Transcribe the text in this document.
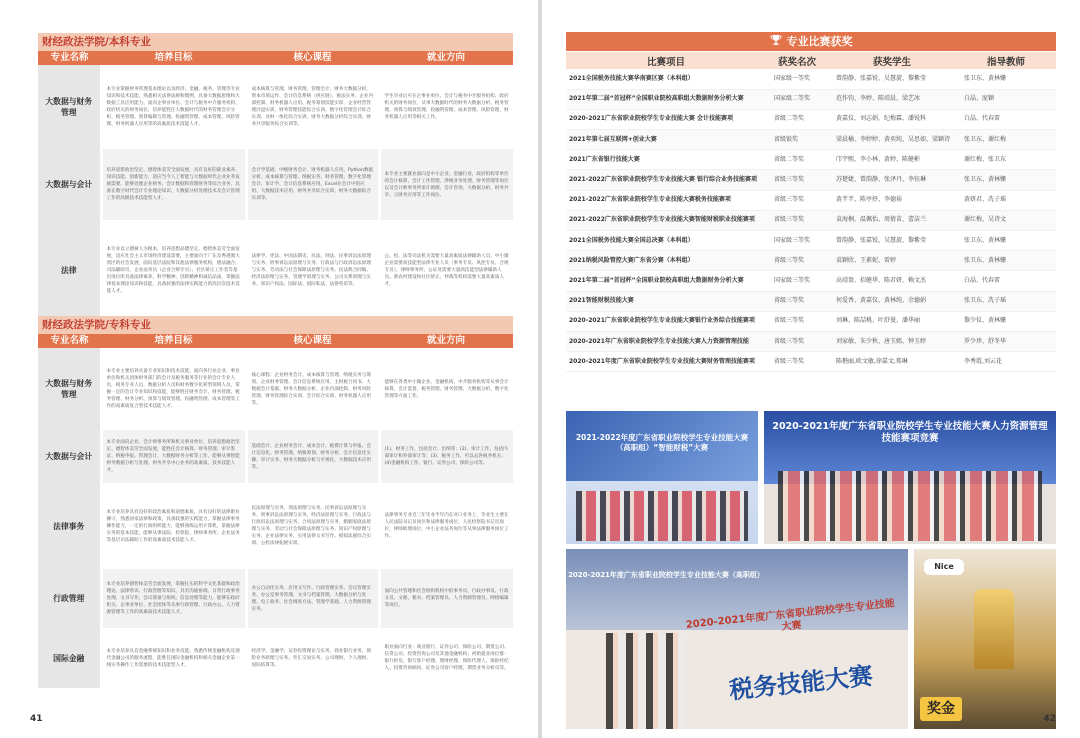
财经政法学院/本科专业
专业名称	培养目标	核心课程	就业方向
大数据与财务管理	本专业掌握财务管理基本理论以及经济、金融、税务、管理等专业知识和技术技能，熟悉相关法律法规和惯例，具备大数据思维和大数据工具应用能力，面向企事业单位、会计与税务中介服务机构、政府机关的财务岗位，培养能胜任大数据时代的财务管理会计分析、税务管理、预算编制与管理、投融资管理、成本管理、风险管理、财务机器人应用等的高素质技术技能人才。	成本核算与管理、财务管理、管理会计、财务大数据分析、资本市场运作、会计信息系统（供应链）、税法实务、企业内部控制、财务机器人应用、税务筹划技能实训、企业经营管理沙盘实训、财务管理技能综合实训、数字化管理会计综合实训、业财一体化综合实训、财务大数据分析综合实训、财务共享服务综合实训等。	学生毕业后可在企事业单位、会计与税务中介服务机构、政府机关的财务岗位，从事大数据时代的财务大数据分析、税务管理、预算与绩效管理、投融资管理、成本管理、风险管理、财务机器人应用等相关工作。
大数据与会计	培养思想政治坚定、德智体美劳全面发展，具有良好的职业素养、知识技能、创新能力，适应当今人工智能与大数据时代企业业务发展需要，能够处理企业财务、会计数据和管理财务等综合业务，具备在数字时代会计专业理论知识、大数据分析处理技术及会计管理工作的高级技术技能型人才。	会计学基础、中级财务会计、财务机器人应用、Python数据分析、成本核算与管理、纳税实务、财务管理、数字化管理会计、审计学、会计信息系统应用、Excel在会计中的应用、大数据技术应用、财务共享综合实训、财务大数据综合实训等。	本专业主要就业面向是中小企业、金融行业、政府机构等单位的会计核算、会计工作管理、涉税业务处理、财务管理等岗位以及会计师事务所审计助理、会计咨询、大数据分析、财务共享、云财务应用等工作岗位。
法律	本专业以立德树人为根本，培养思想品德坚定、德智体美劳全面发展，适应社会主义市场经济建设需要，主要面向于广东及粤港澳大湾区的社会发展，面向基层法院和其他法律服务机构，德法融合，司法辅助员、企业法务员（企业合规专员）、社区矫正工作者等基层岗位所具备法律素养、科学精神、创新精神和诚信品质，掌握法律基本理论知识和技能，具备较强的法律实践能力的高层次技术技能人才。	法律学、宪法、中国法制史、民法、刑法、民事诉讼法原理与实务、刑事诉讼法原理与实务、行政法与行政诉讼法原理与实务、劳动法与社会保障法原理与实务、民法典合同编、经济法原理与实务、管理学原理与实务、公司关系原理与实务、知识产权法、国际法、国际私法、法律英语等。	公、检、法等司法机关需要大量高素质法律辅助人员，中小微企业需要高技能型法律专业人员（事务专员、风控专员、合规专员），律师事务所、公证处需要大量高技能型法律辅助人员。新农村建设和社区矫正、仲裁等机构需要大量高素质人才。
财经政法学院/专科专业
专业名称	培养目标	核心课程	就业方向
大数据与财务管理	本专业主要培养具备专业知识和技术技能，面向各行业企业、事业单位和机关团体财务部门的会计及税务服务等行业的会计专业人员，税务专业人员，数据分析人员和财务数字化转型领域人员，掌握一定的会计专业知识和技能，能够胜任财务会计、财务管理、税务管理、财务分析、预算与绩效管理、投融资管理、成本管理等工作的高素质复合型技术技能人才。	核心课程：企业财务会计、成本核算与管理、纳税实务与筹划、企业财务管理、会计信息系统应用、主财税合同书、大数据会计基础、财务大数据分析、企业内部控制、财务风险管理、财务管理综合实训、会计综合实训、财务机器人应用等。	能够在各类中小微企业、金融机构、中介服务机构等从事会计核算、会计监督、税务管理、财务管理、大数据分析、数字化管理等方面工作。
大数据与会计	本专业面向企业、会计师事务所和机关事业单位，培养思想政治坚定、德智体美劳全面发展，能胜任会计核算、财务管理、审计鉴证、纳税申报、管理会计、大数据财务分析等工作，能够从事智能财务数据分析与处理、财务共享中心业务的高素质、技术技能人才。	基础会计、企业财务会计、成本会计、税费计算与申报、会计信息化、财务管理、纳税筹划、财务分析、会计信息化实操、审计实务、财务大数据分析与可视化、大数据技术应用等。	(1)、财务工作，包括会计、出纳等；(2)、审计工作，包括内部审计和外部审计等；(3)、税务工作，可以去各税务机关；(4)金融机构工作，银行、证券公司、保险公司等。
法律事务	本专业培养具有良好的政治素质和道德素质，具有良好的法律职业操守，熟悉国家法律和政策，具备较强的实践能力，掌握法律事务操作能力，一定的行政组织能力，能够熟练运用计算机，掌握法律实务的基本技能，能够从事法院、检察院、律师事务所、企业法务等基层司法辅助工作的高素质技术技能人才。	民法原理与实务、刑法原理与实务、民事诉讼法原理与实务、刑事诉讼法原理与实务、经济法原理与实务、行政法与行政诉讼法原理与实务、合同法原理与实务、婚姻家庭法原理与实务、劳动与社会保障法原理与实务、知识产权原理与实务、企业法律实务、实用法律文书写作、模拟法庭综合实训、公检法律拓展实训。	法律事务专业近三年毕业半年内在对口业务上，毕业生主要在人民法院书记员岗位和法律服务岗位，人民检察院书记员岗位，律师助理岗位，中小企业法务岗位等从事法律服务岗位工作。
行政管理	本专业培养德智体美劳全面发展，掌握扎实的科学文化基础和政治理论、法律常识、行政管理等知识，具有沟通协调、日常行政事务处理、文书写作、会议筹备与组织、信息处理等能力，能够在政府机关、企事业单位、社会团体等从事行政管理、行政办公、人力资源管理等工作的高素质技术技能人才。	办公自动化实务、应用文写作、行政管理实务、会议管理实务、办公室事务管理、文书与档案管理、大数据分析与处理、电子政务、社会调查方法、管理学基础、人力资源管理实务。	面向公共管理和社会组织机构中的事务员、行政办事员、行政文员、文秘、秘书、档案管理员、人力资源管理员、网络编辑等岗位。
国际金融	本专业培养具有金融系统知识和业务技能，熟悉传统金融机构及现代金融公司的服务流程，能胜任国际金融机构和相关金融企业第一线实务操作工作需要的技术技能型人才。	经济学、金融学、证券投资理论与实务、商业银行业务、保险业务原理与实务、外汇交易实务、公司理财、个人理财、国际结算等。	职业面向行业：商业银行、证券公司、保险公司、期货公司、信贷公司、投资咨询公司及其他金融机构；初始就业岗位群：银行柜员、银行客户经理、理财经理、保险代理人、保险经纪人、投资咨询顾问、证券公司客户经理、期货业务分析员等。
41
专业比赛获奖
比赛项目	获奖名次	获奖学生	指导教师
2021全国税务技能大赛华南赛区赛（本科组）	国家级一等奖	曾韵静、张嘉锐、吴慧旋、黎紫莹	张卫东、黄林姗
2021年第二届“首冠杯”全国职业院校高职组大数据财务分析大赛	国家级二等奖	范作钧、李婷、陈靖晨、梁艺冰	白晶、庞颖
2020-2021广东省职业院校学生专业技能大赛 会计技能赛项	省级二等奖	黄嘉仪、刘志娟、纪梅霖、潘锐科	白晶、代春雷
2021年第七届互联网+创业大赛	省级银奖	梁晨榆、李婷婷、黄奕纯、吴思如、梁颖诗	张卫东、谢红梅
2021广东省银行技能大赛	省级二等奖	邝宇熙、李小林、黄婷、陈健彬	谢红梅、张卫东
2021-2022广东省职业院校学生专业技能大赛 银行综合业务技能赛项	省级三等奖	苏楚婕、曾韵静、张泽丹、李钰琳	张卫东、黄林姗
2021-2022广东省职业院校学生专业技能大赛税务技能赛项	省级三等奖	黄芊芊、陈亭妤、李德裕	黄妍君、冼子瑶
2021-2022广东省职业院校学生专业技能大赛智能财税职业技能赛项	省级三等奖	袁海桐、温佩怡、周倩苗、蕾洁兰	谢红梅、吴诗文
2021全国税务技能大赛全国总决赛（本科组）	国家级三等奖	曾韵静、张嘉锐、吴慧旋、黎紫莹	张卫东、黄林姗
2021纳税风险管控大赛广东省分赛（本科组）	省级三等奖	袁颖欣、王素妮、雷婷	张卫东、黄林姗
2021年第二届“首冠杯”全国职业院校高职组大数据财务分析大赛	国家级三等奖	高靖盈、招健华、陈君妍、赖文杰	白晶、代春雷
2021智能财税技能大赛	省级三等奖	何爱香、黄嘉仪、黄林纯、余德娟	张卫东、冼子瑶
2020-2021广东省职业院校学生专业技能大赛银行业务综合技能赛项	省级三等奖	刘琳、陈喆桃、叶舒曼、潘华丽	黎少仪、黄林姗
2020-2021年广东省职业院校学生专业技能大赛人力资源管理技能	省级三等奖	刘家敏、朱少秋、唐玉嫣、钟玉婷	罗少珍、舒冬华
2020-2021年度广东省职业院校学生专业技能大赛财务管理技能赛项	省级三等奖	陈楷丽,欧文敏,徐嘉文,郑琳	李秀霞,刘云花
2021-2022年度广东省职业院校学生专业技能大赛（高职组）“智能财税”大赛
2020-2021年度广东省职业院校学生专业技能大赛人力资源管理技能赛项竞赛
2020-2021年度广东省职业院校学生专业技能大赛（高职组）
2020-2021年度广东省职业院校学生专业技能大赛
税务技能大赛
Nice
奖金
42
